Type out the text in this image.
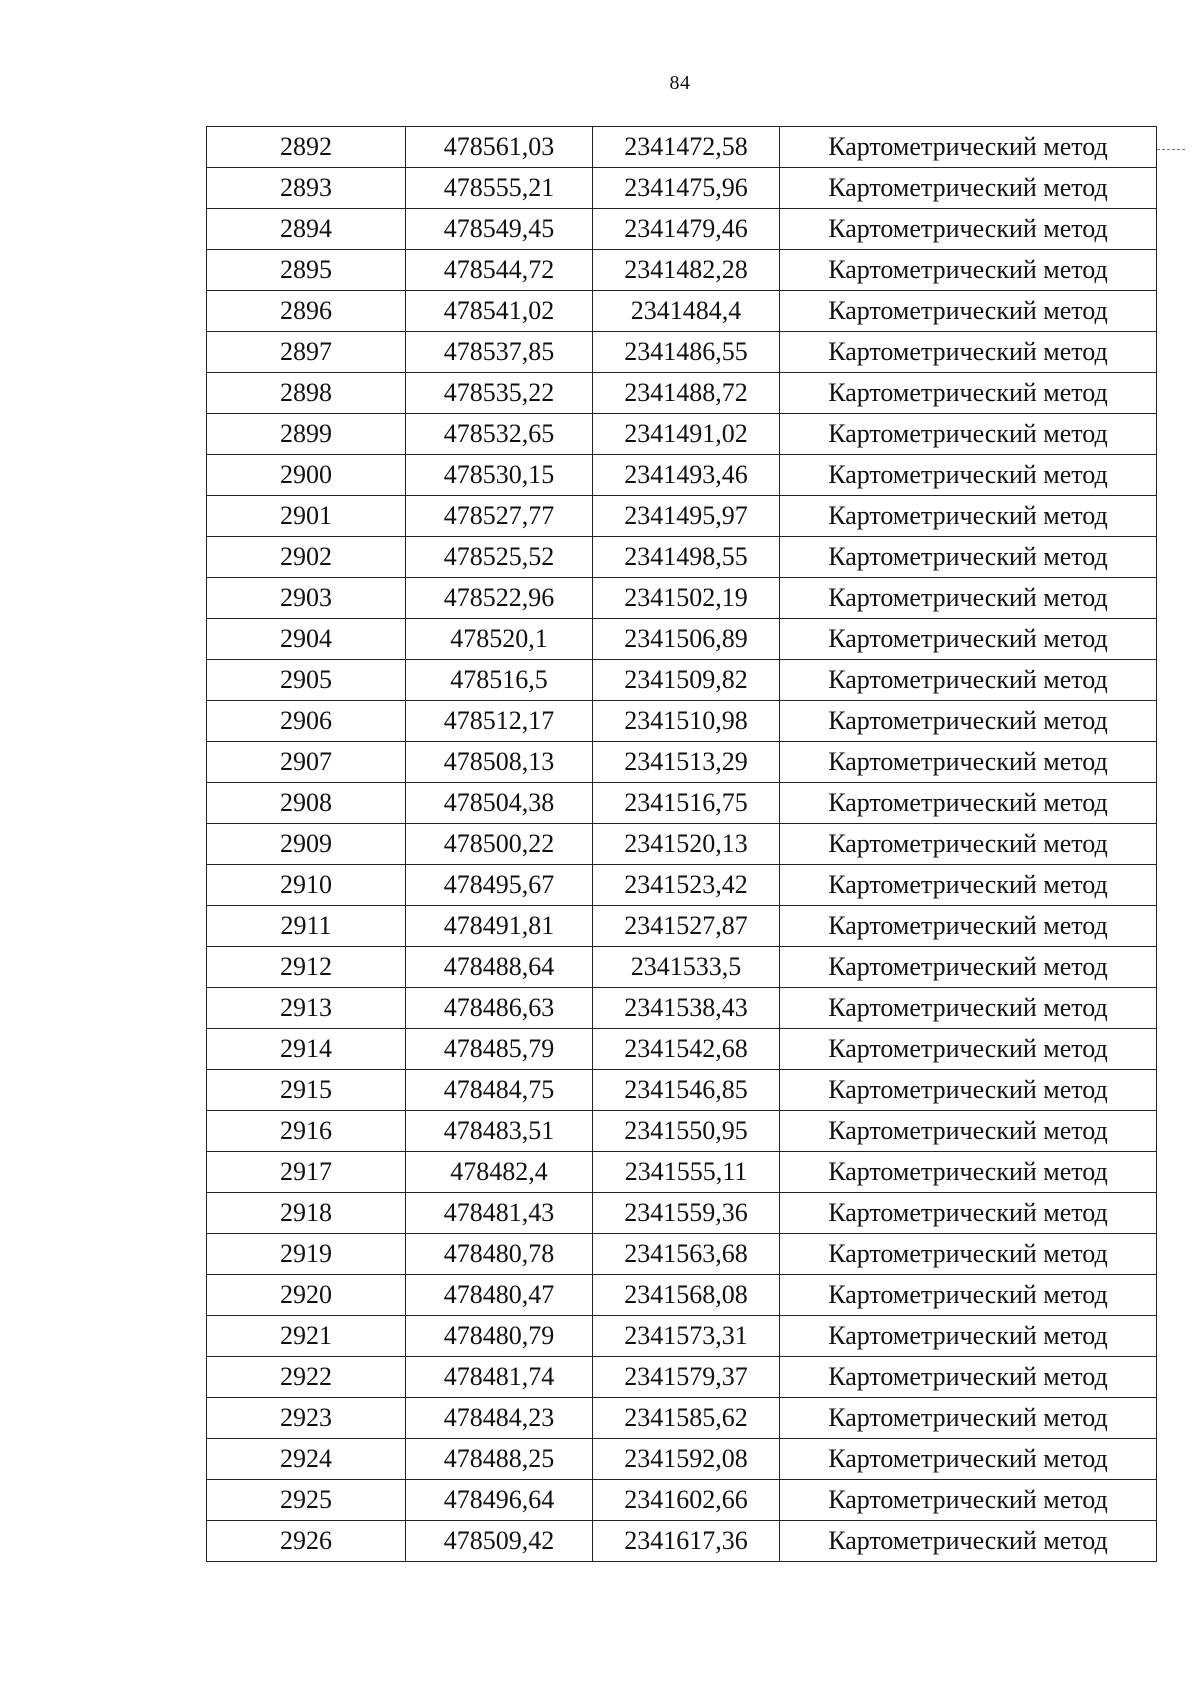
84
2892	478561,03	2341472,58	Картометрический метод
2893	478555,21	2341475,96	Картометрический метод
2894	478549,45	2341479,46	Картометрический метод
2895	478544,72	2341482,28	Картометрический метод
2896	478541,02	2341484,4	Картометрический метод
2897	478537,85	2341486,55	Картометрический метод
2898	478535,22	2341488,72	Картометрический метод
2899	478532,65	2341491,02	Картометрический метод
2900	478530,15	2341493,46	Картометрический метод
2901	478527,77	2341495,97	Картометрический метод
2902	478525,52	2341498,55	Картометрический метод
2903	478522,96	2341502,19	Картометрический метод
2904	478520,1	2341506,89	Картометрический метод
2905	478516,5	2341509,82	Картометрический метод
2906	478512,17	2341510,98	Картометрический метод
2907	478508,13	2341513,29	Картометрический метод
2908	478504,38	2341516,75	Картометрический метод
2909	478500,22	2341520,13	Картометрический метод
2910	478495,67	2341523,42	Картометрический метод
2911	478491,81	2341527,87	Картометрический метод
2912	478488,64	2341533,5	Картометрический метод
2913	478486,63	2341538,43	Картометрический метод
2914	478485,79	2341542,68	Картометрический метод
2915	478484,75	2341546,85	Картометрический метод
2916	478483,51	2341550,95	Картометрический метод
2917	478482,4	2341555,11	Картометрический метод
2918	478481,43	2341559,36	Картометрический метод
2919	478480,78	2341563,68	Картометрический метод
2920	478480,47	2341568,08	Картометрический метод
2921	478480,79	2341573,31	Картометрический метод
2922	478481,74	2341579,37	Картометрический метод
2923	478484,23	2341585,62	Картометрический метод
2924	478488,25	2341592,08	Картометрический метод
2925	478496,64	2341602,66	Картометрический метод
2926	478509,42	2341617,36	Картометрический метод
